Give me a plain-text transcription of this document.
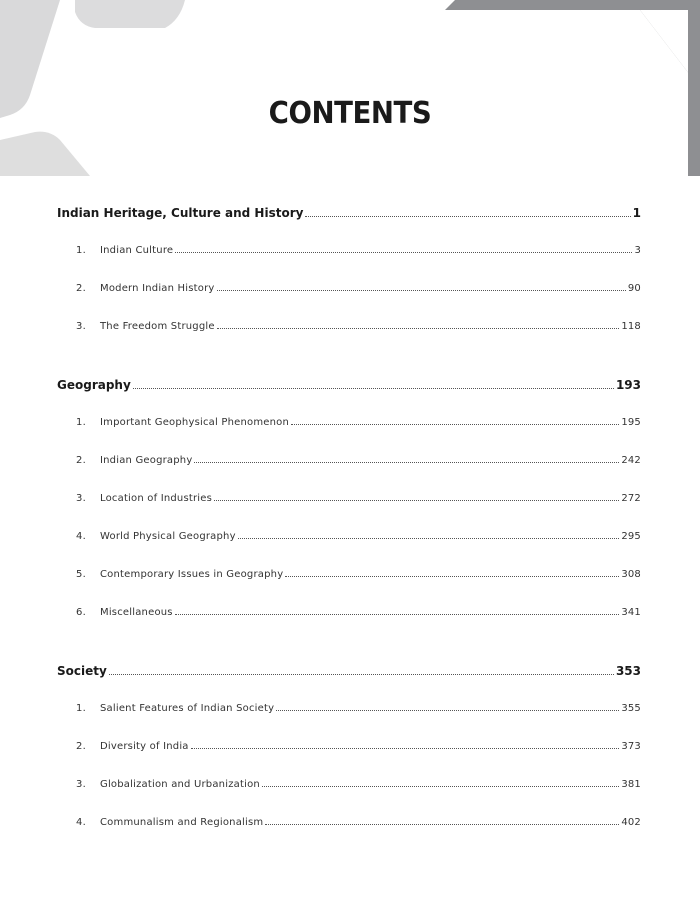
CONTENTS
Indian Heritage, Culture and History	1
1.	Indian Culture	3
2.	Modern Indian History	90
3.	The Freedom Struggle	118
Geography	193
1.	Important Geophysical Phenomenon	195
2.	Indian Geography	242
3.	Location of Industries	272
4.	World Physical Geography	295
5.	Contemporary Issues in Geography	308
6.	Miscellaneous	341
Society	353
1.	Salient Features of Indian Society	355
2.	Diversity of India	373
3.	Globalization and Urbanization	381
4.	Communalism and Regionalism	402
